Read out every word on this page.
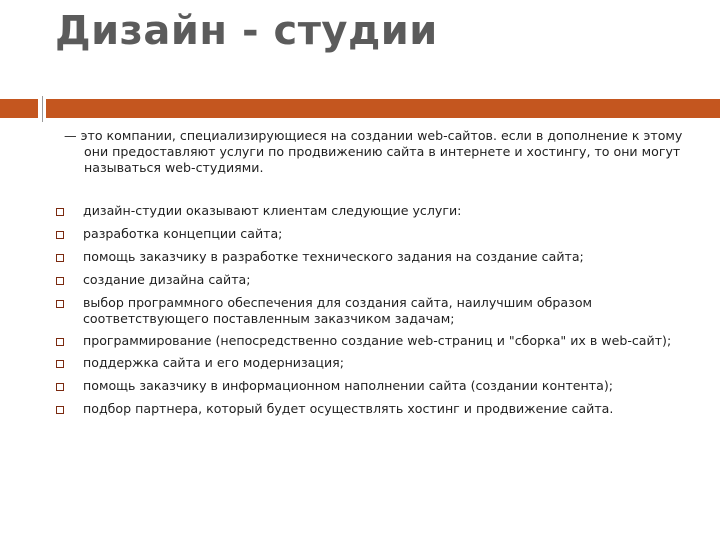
Дизайн - студии
— это компании, специализирующиеся на создании web-сайтов. если в дополнение к этому они предоставляют услуги по продвижению сайта в интернете и хостингу, то они могут называться web-студиями.
дизайн-студии оказывают клиентам следующие услуги:
разработка концепции сайта;
помощь заказчику в разработке технического задания на создание сайта;
создание дизайна сайта;
выбор программного обеспечения для создания сайта, наилучшим образом соответствующего поставленным заказчиком задачам;
программирование (непосредственно создание web-страниц и "сборка" их в web-сайт);
поддержка сайта и его модернизация;
помощь заказчику в информационном наполнении сайта (создании контента);
подбор партнера, который будет осуществлять хостинг и продвижение сайта.
